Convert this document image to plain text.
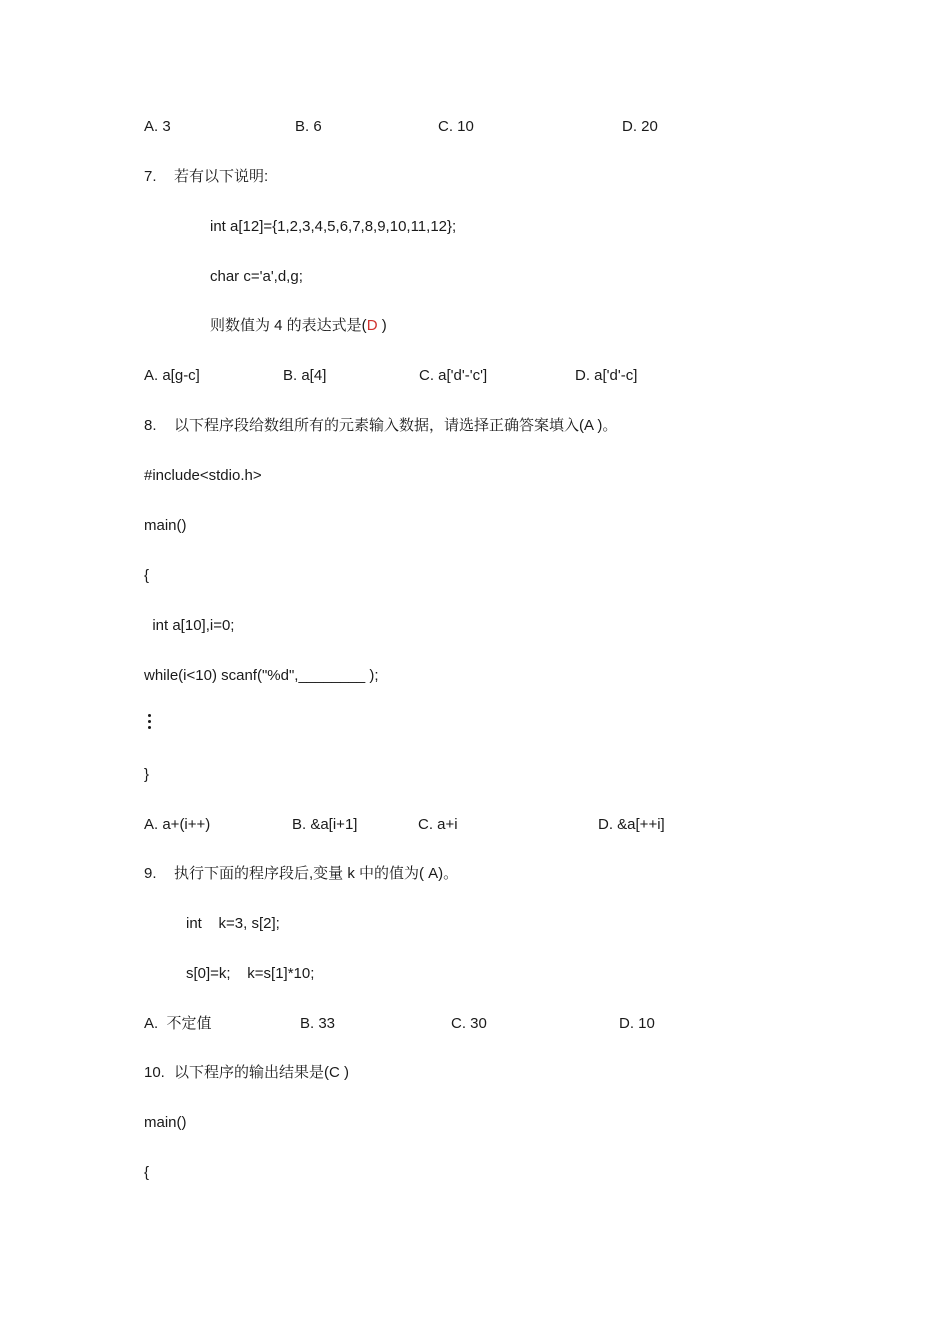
A. 3	B. 6	C. 10	D. 20
7. 若有以下说明:
int a[12]={1,2,3,4,5,6,7,8,9,10,11,12};
char c='a',d,g;
则数值为 4 的表达式是(D )
A. a[g-c]	B. a[4]	C. a['d'-'c']	D. a['d'-c]
8. 以下程序段给数组所有的元素输入数据，请选择正确答案填入(A )。
#include<stdio.h>
main()
{
int a[10],i=0;
while(i<10) scanf("%d",________ );
}
A. a+(i++)	B. &a[i+1]	C. a+i	D. &a[++i]
9. 执行下面的程序段后,变量 k 中的值为( A)。
int    k=3, s[2];
s[0]=k;    k=s[1]*10;
A.  不定值	B. 33	C. 30	D. 10
10. 以下程序的输出结果是(C )
main()
{
